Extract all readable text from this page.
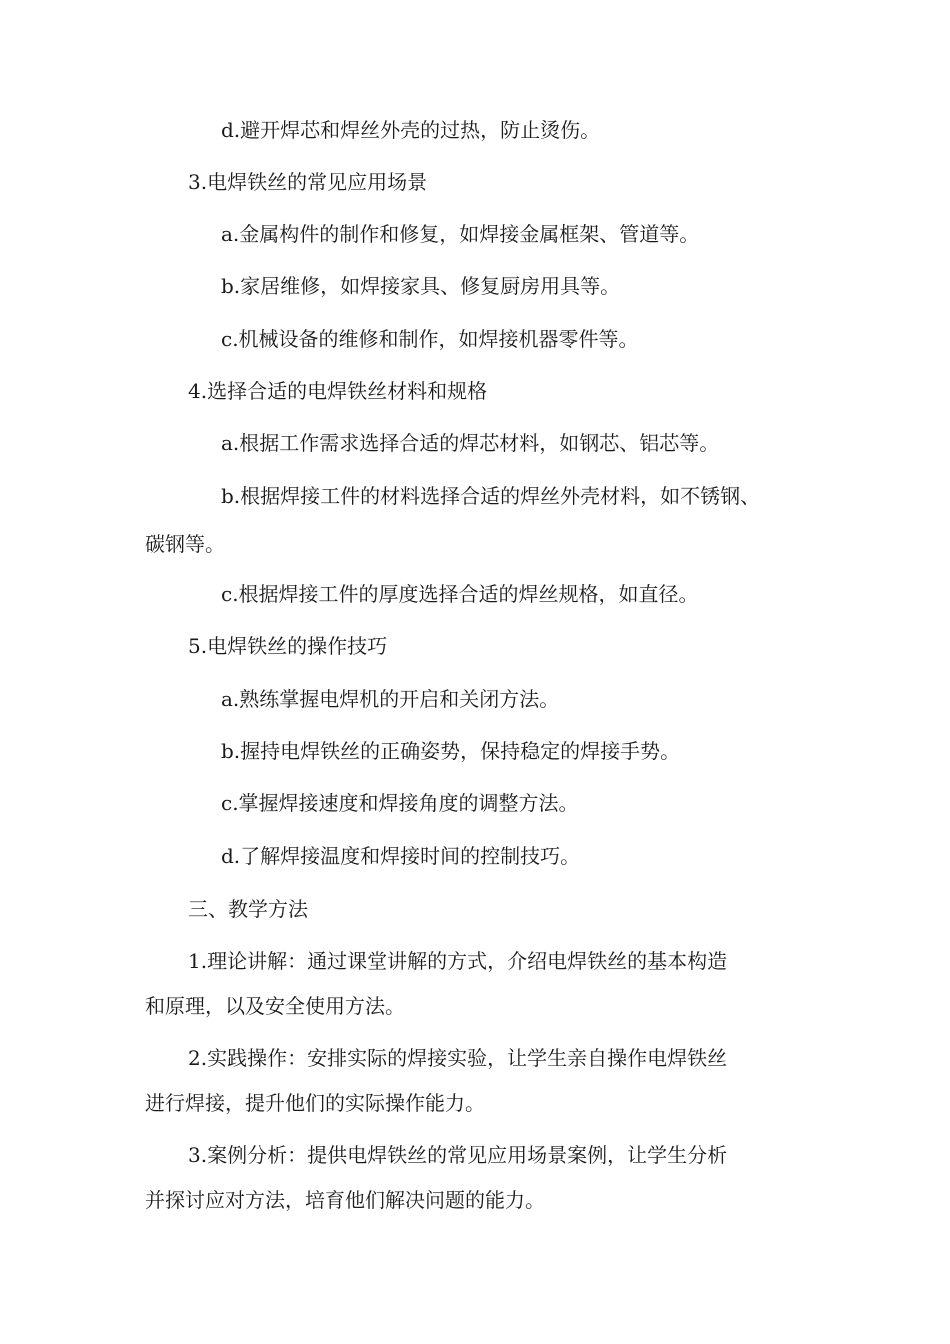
d.避开焊芯和焊丝外壳的过热，防止烫伤。

3.电焊铁丝的常见应用场景

a.金属构件的制作和修复，如焊接金属框架、管道等。

b.家居维修，如焊接家具、修复厨房用具等。

c.机械设备的维修和制作，如焊接机器零件等。

4.选择合适的电焊铁丝材料和规格

a.根据工作需求选择合适的焊芯材料，如钢芯、铝芯等。

b.根据焊接工件的材料选择合适的焊丝外壳材料，如不锈钢、

碳钢等。

c.根据焊接工件的厚度选择合适的焊丝规格，如直径。

5.电焊铁丝的操作技巧

a.熟练掌握电焊机的开启和关闭方法。

b.握持电焊铁丝的正确姿势，保持稳定的焊接手势。

c.掌握焊接速度和焊接角度的调整方法。

d.了解焊接温度和焊接时间的控制技巧。

三、教学方法

1.理论讲解：通过课堂讲解的方式，介绍电焊铁丝的基本构造

和原理，以及安全使用方法。

2.实践操作：安排实际的焊接实验，让学生亲自操作电焊铁丝

进行焊接，提升他们的实际操作能力。

3.案例分析：提供电焊铁丝的常见应用场景案例，让学生分析

并探讨应对方法，培育他们解决问题的能力。
